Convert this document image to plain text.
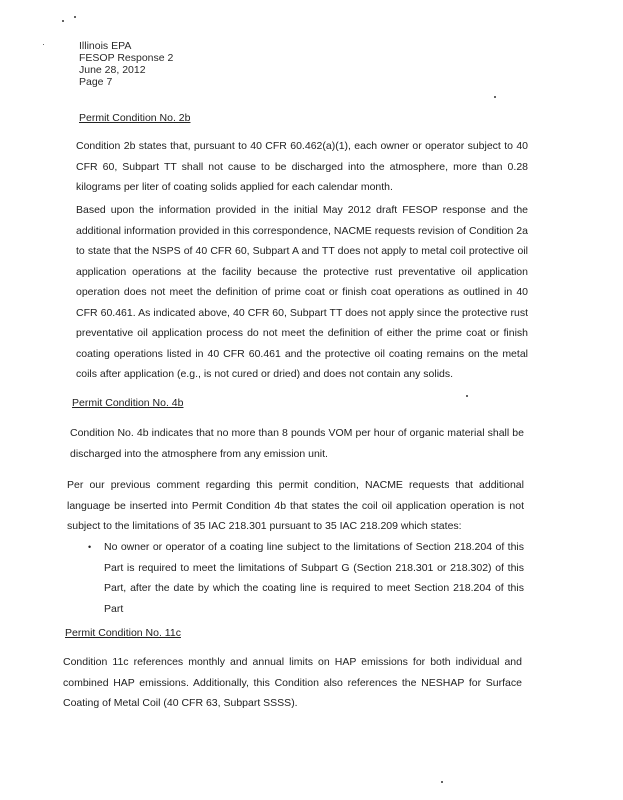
Illinois EPA
FESOP Response 2
June 28, 2012
Page 7
Permit Condition No. 2b
Condition 2b states that, pursuant to 40 CFR 60.462(a)(1), each owner or operator subject to 40 CFR 60, Subpart TT shall not cause to be discharged into the atmosphere, more than 0.28 kilograms per liter of coating solids applied for each calendar month.
Based upon the information provided in the initial May 2012 draft FESOP response and the additional information provided in this correspondence, NACME requests revision of Condition 2a to state that the NSPS of 40 CFR 60, Subpart A and TT does not apply to metal coil protective oil application operations at the facility because the protective rust preventative oil application operation does not meet the definition of prime coat or finish coat operations as outlined in 40 CFR 60.461. As indicated above, 40 CFR 60, Subpart TT does not apply since the protective rust preventative oil application process do not meet the definition of either the prime coat or finish coating operations listed in 40 CFR 60.461 and the protective oil coating remains on the metal coils after application (e.g., is not cured or dried) and does not contain any solids.
Permit Condition No. 4b
Condition No. 4b indicates that no more than 8 pounds VOM per hour of organic material shall be discharged into the atmosphere from any emission unit.
Per our previous comment regarding this permit condition, NACME requests that additional language be inserted into Permit Condition 4b that states the coil oil application operation is not subject to the limitations of 35 IAC 218.301 pursuant to 35 IAC 218.209 which states:
• No owner or operator of a coating line subject to the limitations of Section 218.204 of this Part is required to meet the limitations of Subpart G (Section 218.301 or 218.302) of this Part, after the date by which the coating line is required to meet Section 218.204 of this Part
Permit Condition No. 11c
Condition 11c references monthly and annual limits on HAP emissions for both individual and combined HAP emissions. Additionally, this Condition also references the NESHAP for Surface Coating of Metal Coil (40 CFR 63, Subpart SSSS).
